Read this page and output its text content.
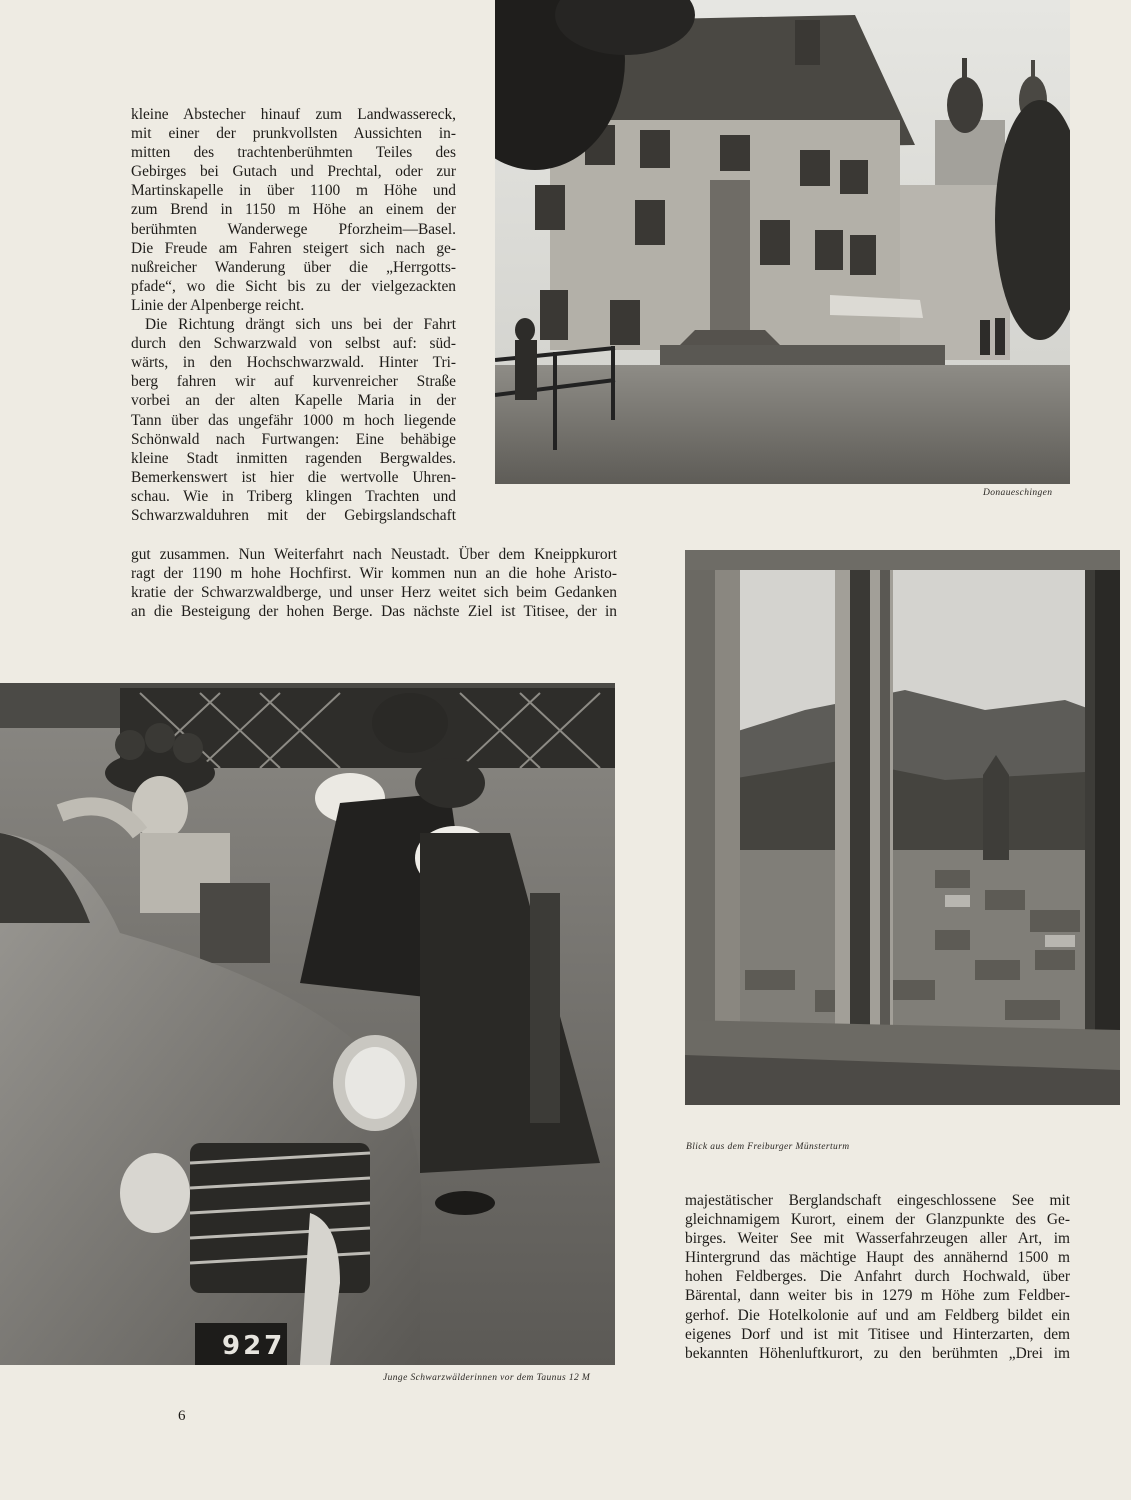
Donaueschingen
Blick aus dem Freiburger Münsterturm
927
Junge Schwarzwälderinnen vor dem Taunus 12 M

kleine Abstecher hinauf zum Landwassereck,
mit einer der prunkvollsten Aussichten in-
mitten des trachtenberühmten Teiles des
Gebirges bei Gutach und Prechtal, oder zur
Martinskapelle in über 1100 m Höhe und
zum Brend in 1150 m Höhe an einem der
berühmten Wanderwege Pforzheim—Basel.
Die Freude am Fahren steigert sich nach ge-
nußreicher Wanderung über die „Herrgotts-
pfade“, wo die Sicht bis zu der vielgezackten
Linie der Alpenberge reicht.

Die Richtung drängt sich uns bei der Fahrt
durch den Schwarzwald von selbst auf: süd-
wärts, in den Hochschwarzwald. Hinter Tri-
berg fahren wir auf kurvenreicher Straße
vorbei an der alten Kapelle Maria in der
Tann über das ungefähr 1000 m hoch liegende
Schönwald nach Furtwangen: Eine behäbige
kleine Stadt inmitten ragenden Bergwaldes.
Bemerkenswert ist hier die wertvolle Uhren-
schau. Wie in Triberg klingen Trachten und
Schwarzwalduhren mit der Gebirgslandschaft

gut zusammen. Nun Weiterfahrt nach Neustadt. Über dem Kneippkurort
ragt der 1190 m hohe Hochfirst. Wir kommen nun an die hohe Aristo-
kratie der Schwarzwaldberge, und unser Herz weitet sich beim Gedanken
an die Besteigung der hohen Berge. Das nächste Ziel ist Titisee, der in
majestätischer Berglandschaft eingeschlossene See mit
gleichnamigem Kurort, einem der Glanzpunkte des Ge-
birges. Weiter See mit Wasserfahrzeugen aller Art, im
Hintergrund das mächtige Haupt des annähernd 1500 m
hohen Feldberges. Die Anfahrt durch Hochwald, über
Bärental, dann weiter bis in 1279 m Höhe zum Feldber-
gerhof. Die Hotelkolonie auf und am Feldberg bildet ein
eigenes Dorf und ist mit Titisee und Hinterzarten, dem
bekannten Höhenluftkurort, zu den berühmten „Drei im
6
